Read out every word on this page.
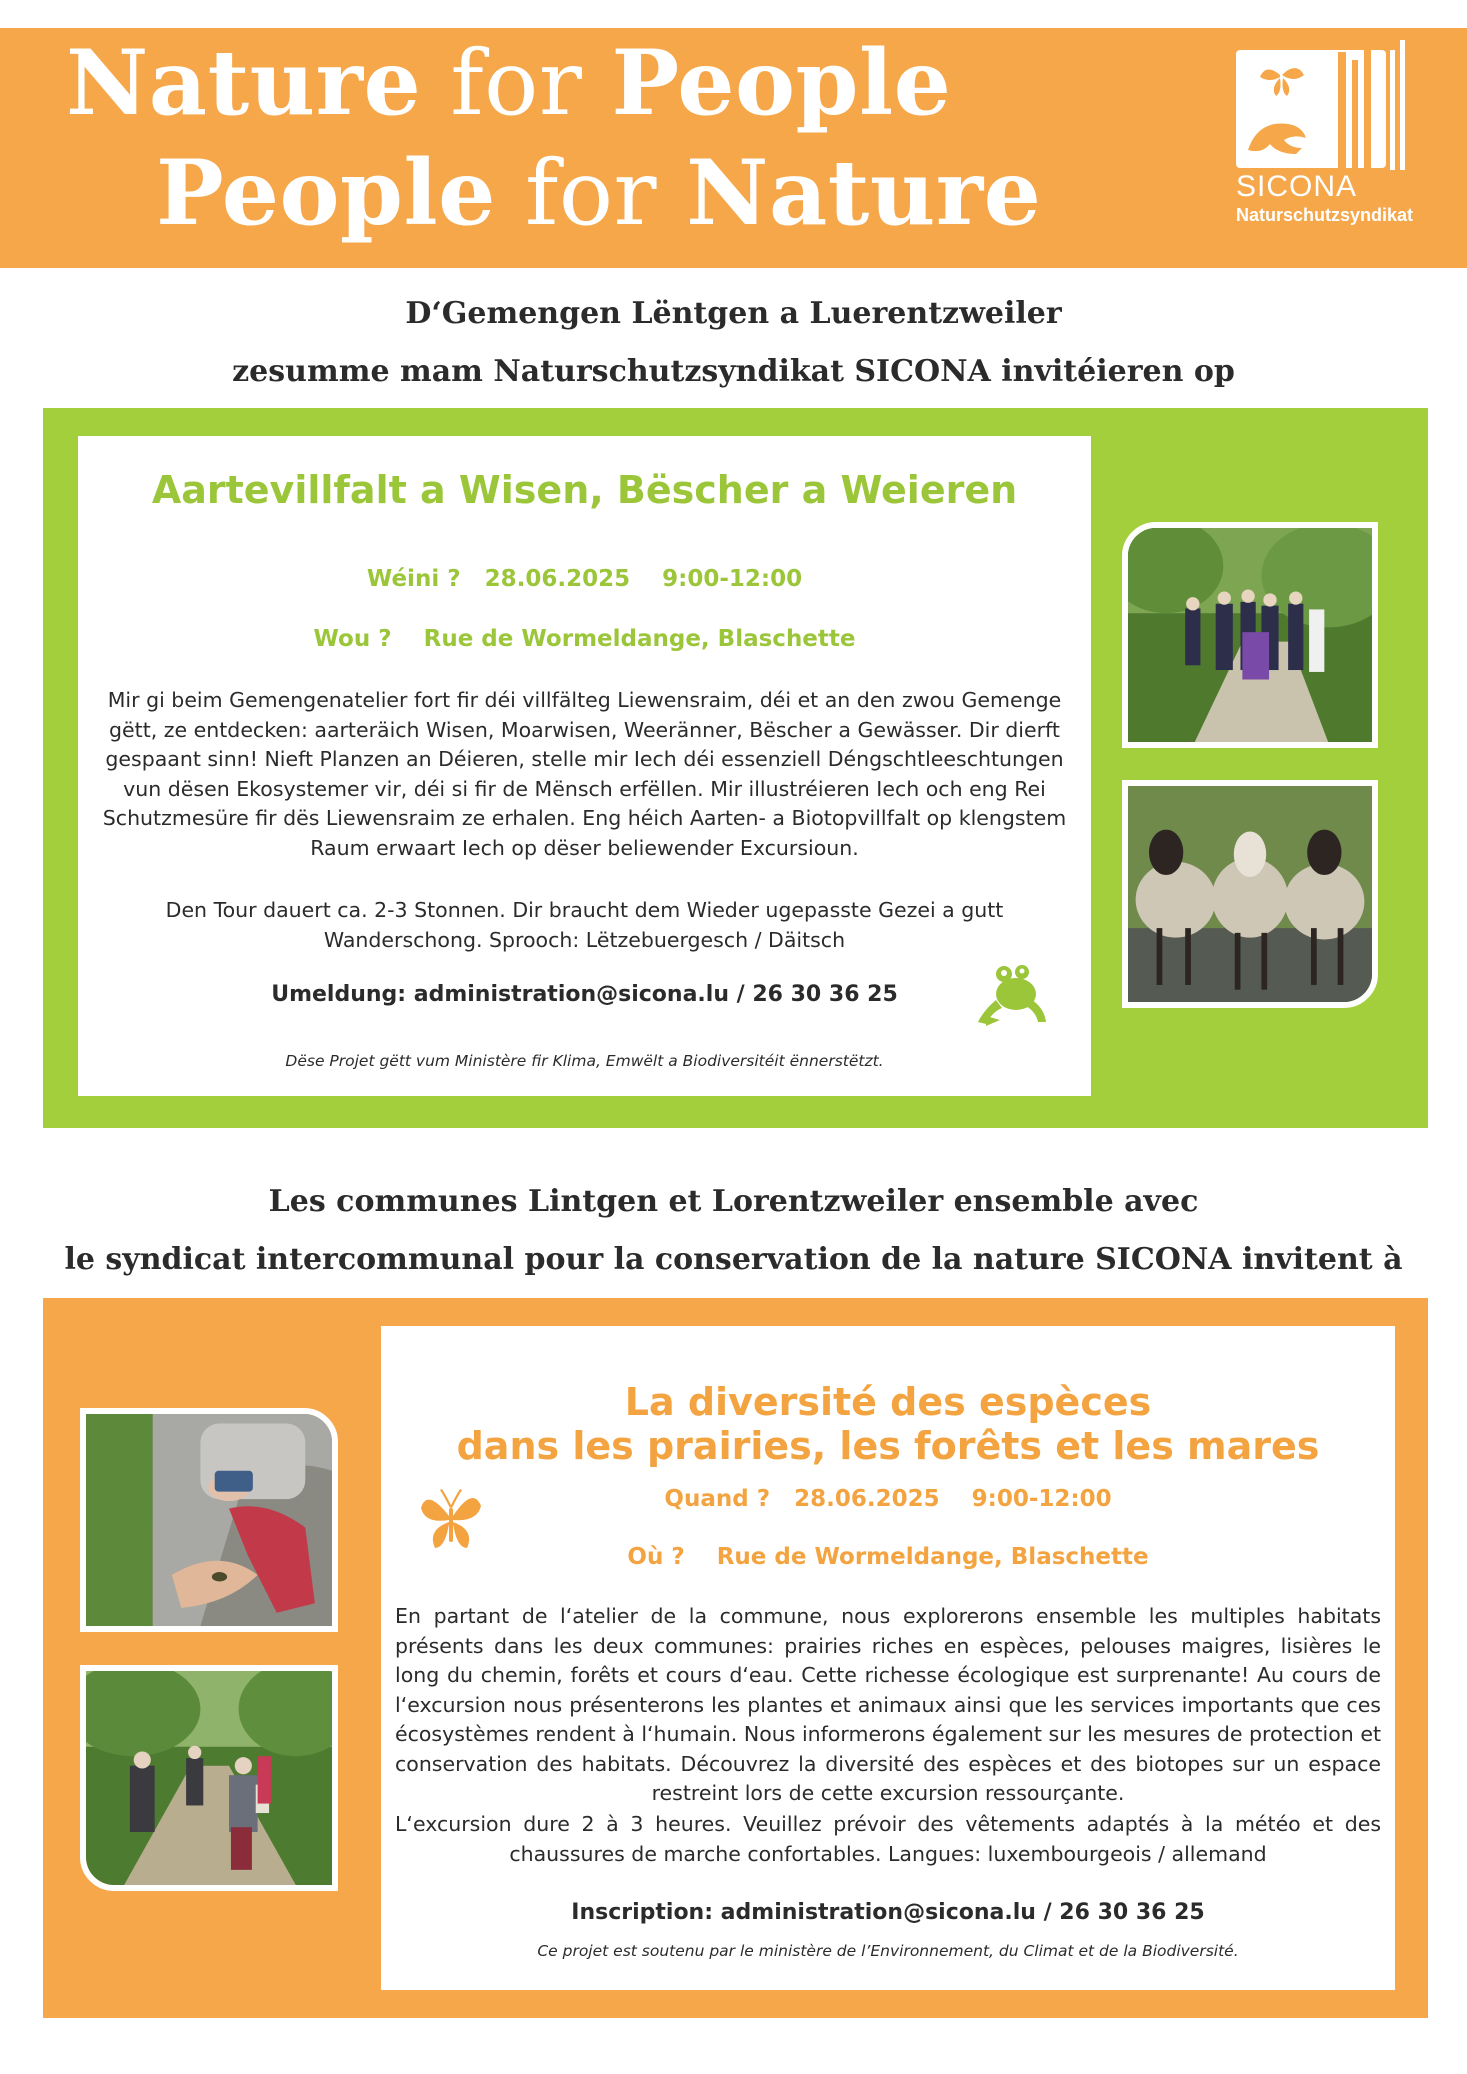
Nature for People
People for Nature	SICONA
Naturschutzsyndikat
D‘Gemengen Lëntgen a Luerentzweiler
zesumme mam Naturschutzsyndikat SICONA invitéieren op
Aartevillfalt a Wisen, Bëscher a Weieren
Wéini ? 28.06.2025 9:00-12:00
Wou ? Rue de Wormeldange, Blaschette
Mir gi beim Gemengenatelier fort fir déi villfälteg Liewensraim, déi et an den zwou Gemenge gëtt, ze entdecken: aarteräich Wisen, Moarwisen, Weeränner, Bëscher a Gewässer. Dir dierft gespaant sinn! Nieft Planzen an Déieren, stelle mir Iech déi essenziell Déngschtleeschtungen vun dësen Ekosystemer vir, déi si fir de Mënsch erfëllen. Mir illustréieren Iech och eng Rei Schutzmesüre fir dës Liewensraim ze erhalen. Eng héich Aarten- a Biotopvillfalt op klengstem Raum erwaart Iech op dëser beliewender Excursioun.
Den Tour dauert ca. 2-3 Stonnen. Dir braucht dem Wieder ugepasste Gezei a gutt Wanderschong. Sprooch: Lëtzebuergesch / Däitsch
Umeldung: administration@sicona.lu / 26 30 36 25
Dëse Projet gëtt vum Ministère fir Klima, Emwëlt a Biodiversitéit ënnerstëtzt.
Les communes Lintgen et Lorentzweiler ensemble avec
le syndicat intercommunal pour la conservation de la nature SICONA invitent à
La diversité des espèces
dans les prairies, les forêts et les mares
Quand ? 28.06.2025 9:00-12:00
Où ? Rue de Wormeldange, Blaschette
En partant de l‘atelier de la commune, nous explorerons ensemble les multiples habitats présents dans les deux communes: prairies riches en espèces, pelouses maigres, lisières le long du chemin, forêts et cours d‘eau. Cette richesse écologique est surprenante! Au cours de l‘excursion nous présenterons les plantes et animaux ainsi que les services importants que ces écosystèmes rendent à l‘humain. Nous informerons également sur les mesures de protection et conservation des habitats. Découvrez la diversité des espèces et des biotopes sur un espace restreint lors de cette excursion ressourçante.
L‘excursion dure 2 à 3 heures. Veuillez prévoir des vêtements adaptés à la météo et des chaussures de marche confortables. Langues: luxembourgeois / allemand
Inscription: administration@sicona.lu / 26 30 36 25
Ce projet est soutenu par le ministère de l’Environnement, du Climat et de la Biodiversité.
